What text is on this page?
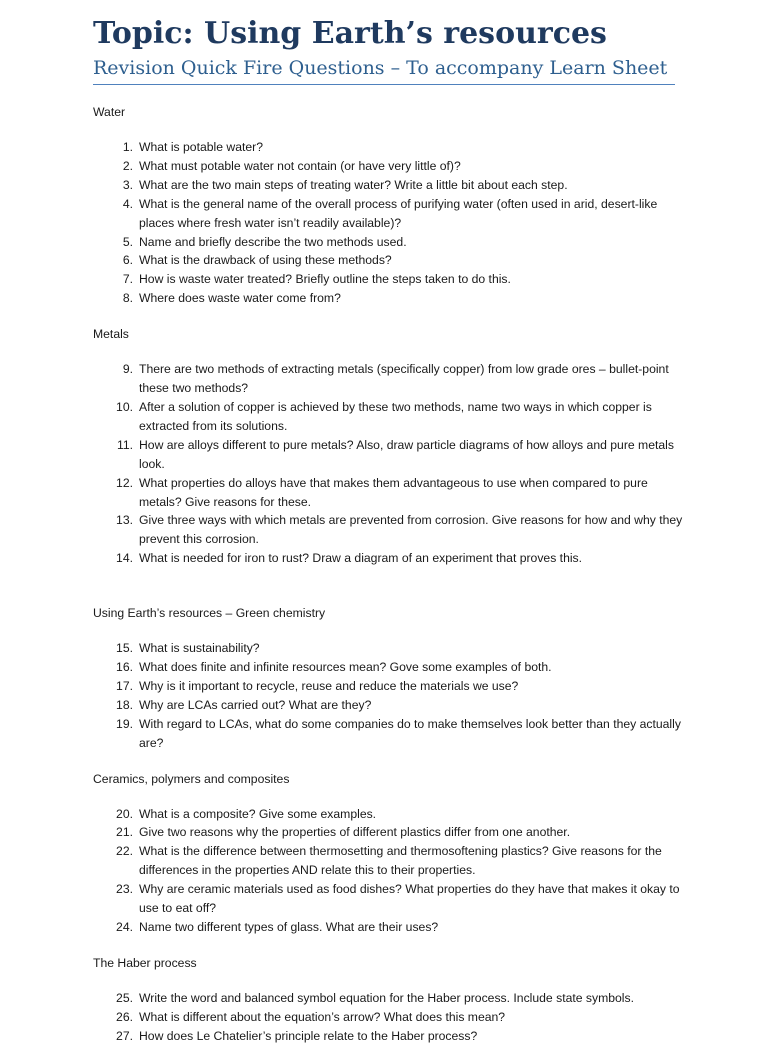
Topic: Using Earth’s resources
Revision Quick Fire Questions – To accompany Learn Sheet
Water
1. What is potable water?
2. What must potable water not contain (or have very little of)?
3. What are the two main steps of treating water? Write a little bit about each step.
4. What is the general name of the overall process of purifying water (often used in arid, desert-like places where fresh water isn’t readily available)?
5. Name and briefly describe the two methods used.
6. What is the drawback of using these methods?
7. How is waste water treated? Briefly outline the steps taken to do this.
8. Where does waste water come from?
Metals
9. There are two methods of extracting metals (specifically copper) from low grade ores – bullet-point these two methods?
10. After a solution of copper is achieved by these two methods, name two ways in which copper is extracted from its solutions.
11. How are alloys different to pure metals? Also, draw particle diagrams of how alloys and pure metals look.
12. What properties do alloys have that makes them advantageous to use when compared to pure metals? Give reasons for these.
13. Give three ways with which metals are prevented from corrosion. Give reasons for how and why they prevent this corrosion.
14. What is needed for iron to rust? Draw a diagram of an experiment that proves this.
Using Earth’s resources – Green chemistry
15. What is sustainability?
16. What does finite and infinite resources mean? Gove some examples of both.
17. Why is it important to recycle, reuse and reduce the materials we use?
18. Why are LCAs carried out? What are they?
19. With regard to LCAs, what do some companies do to make themselves look better than they actually are?
Ceramics, polymers and composites
20. What is a composite? Give some examples.
21. Give two reasons why the properties of different plastics differ from one another.
22. What is the difference between thermosetting and thermosoftening plastics? Give reasons for the differences in the properties AND relate this to their properties.
23. Why are ceramic materials used as food dishes? What properties do they have that makes it okay to use to eat off?
24. Name two different types of glass. What are their uses?
The Haber process
25. Write the word and balanced symbol equation for the Haber process. Include state symbols.
26. What is different about the equation’s arrow? What does this mean?
27. How does Le Chatelier’s principle relate to the Haber process?
